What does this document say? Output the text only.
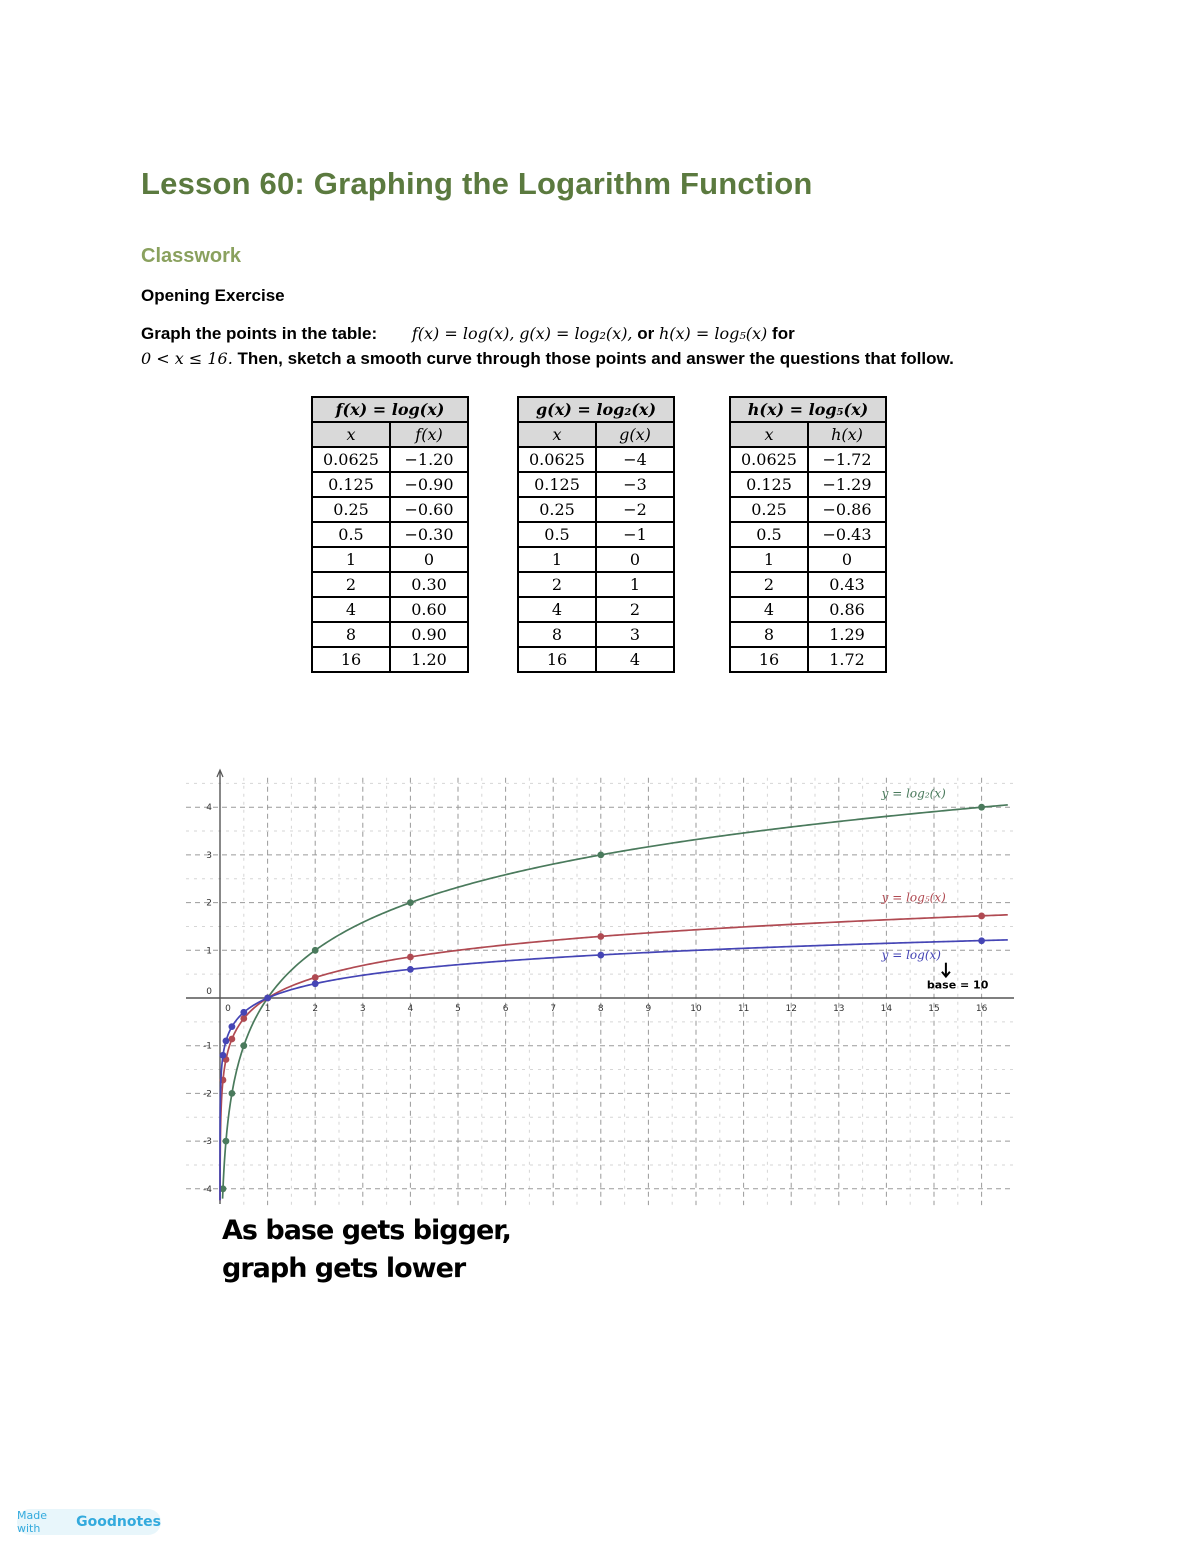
Lesson 60: Graphing the Logarithm Function
Classwork
Opening Exercise
Graph the points in the table: f(x) = log(x), g(x) = log₂(x), or h(x) = log₅(x) for
0 < x ≤ 16. Then, sketch a smooth curve through those points and answer the questions that follow.
f(x) = log(x)	
x	f(x)
0.0625	−1.20
0.125	−0.90
0.25	−0.60
0.5	−0.30
1	0
2	0.30
4	0.60
8	0.90
16	1.20
g(x) = log₂(x)	
x	g(x)
0.0625	−4
0.125	−3
0.25	−2
0.5	−1
1	0
2	1
4	2
8	3
16	4
h(x) = log₅(x)	
x	h(x)
0.0625	−1.72
0.125	−1.29
0.25	−0.86
0.5	−0.43
1	0
2	0.43
4	0.86
8	1.29
16	1.72
0	1	2	3	4	5	6	7	8	9	10	11	12	13	14	15	16
-4
-3
-2
-1
0
1
2
3
4
y = log₂(x)
y = log₅(x)
y = log(x)
base = 10
As base gets bigger,
graph gets lower
Made with	Goodnotes
